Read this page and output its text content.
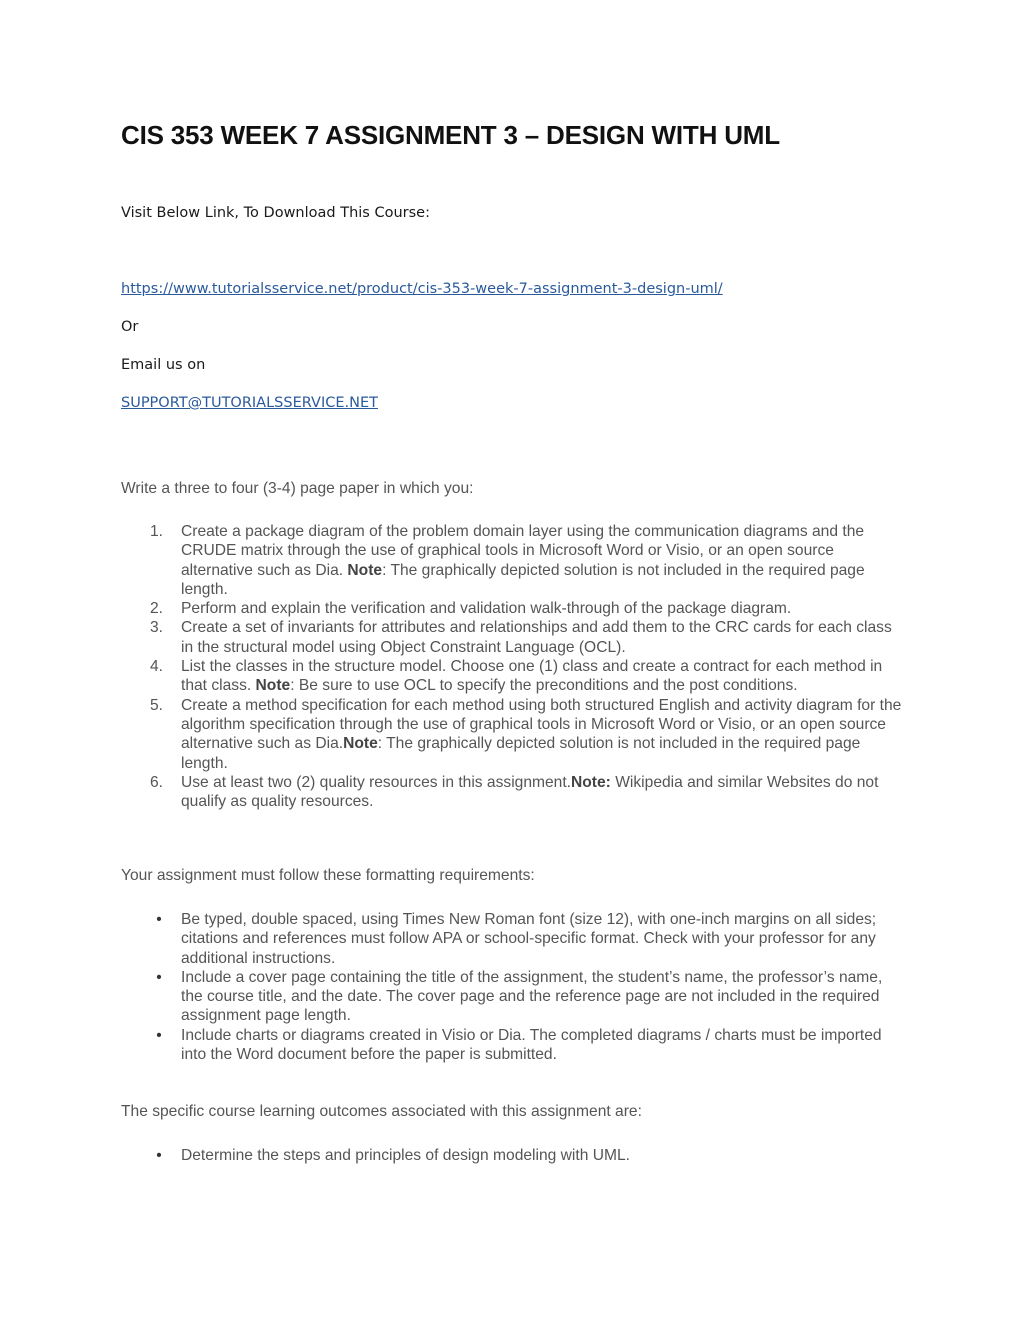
CIS 353 WEEK 7 ASSIGNMENT 3 – DESIGN WITH UML

Visit Below Link, To Download This Course:

https://www.tutorialsservice.net/product/cis-353-week-7-assignment-3-design-uml/

Or

Email us on

SUPPORT@TUTORIALSSERVICE.NET

Write a three to four (3-4) page paper in which you:

1.	Create a package diagram of the problem domain layer using the communication diagrams and the CRUDE matrix through the use of graphical tools in Microsoft Word or Visio, or an open source alternative such as Dia. Note: The graphically depicted solution is not included in the required page length.
2.	Perform and explain the verification and validation walk-through of the package diagram.
3.	Create a set of invariants for attributes and relationships and add them to the CRC cards for each class in the structural model using Object Constraint Language (OCL).
4.	List the classes in the structure model. Choose one (1) class and create a contract for each method in that class. Note: Be sure to use OCL to specify the preconditions and the post conditions.
5.	Create a method specification for each method using both structured English and activity diagram for the algorithm specification through the use of graphical tools in Microsoft Word or Visio, or an open source alternative such as Dia.Note: The graphically depicted solution is not included in the required page length.
6.	Use at least two (2) quality resources in this assignment.Note: Wikipedia and similar Websites do not qualify as quality resources.

Your assignment must follow these formatting requirements:

• Be typed, double spaced, using Times New Roman font (size 12), with one-inch margins on all sides; citations and references must follow APA or school-specific format. Check with your professor for any additional instructions.
• Include a cover page containing the title of the assignment, the student’s name, the professor’s name, the course title, and the date. The cover page and the reference page are not included in the required assignment page length.
• Include charts or diagrams created in Visio or Dia. The completed diagrams / charts must be imported into the Word document before the paper is submitted.

The specific course learning outcomes associated with this assignment are:

• Determine the steps and principles of design modeling with UML.
